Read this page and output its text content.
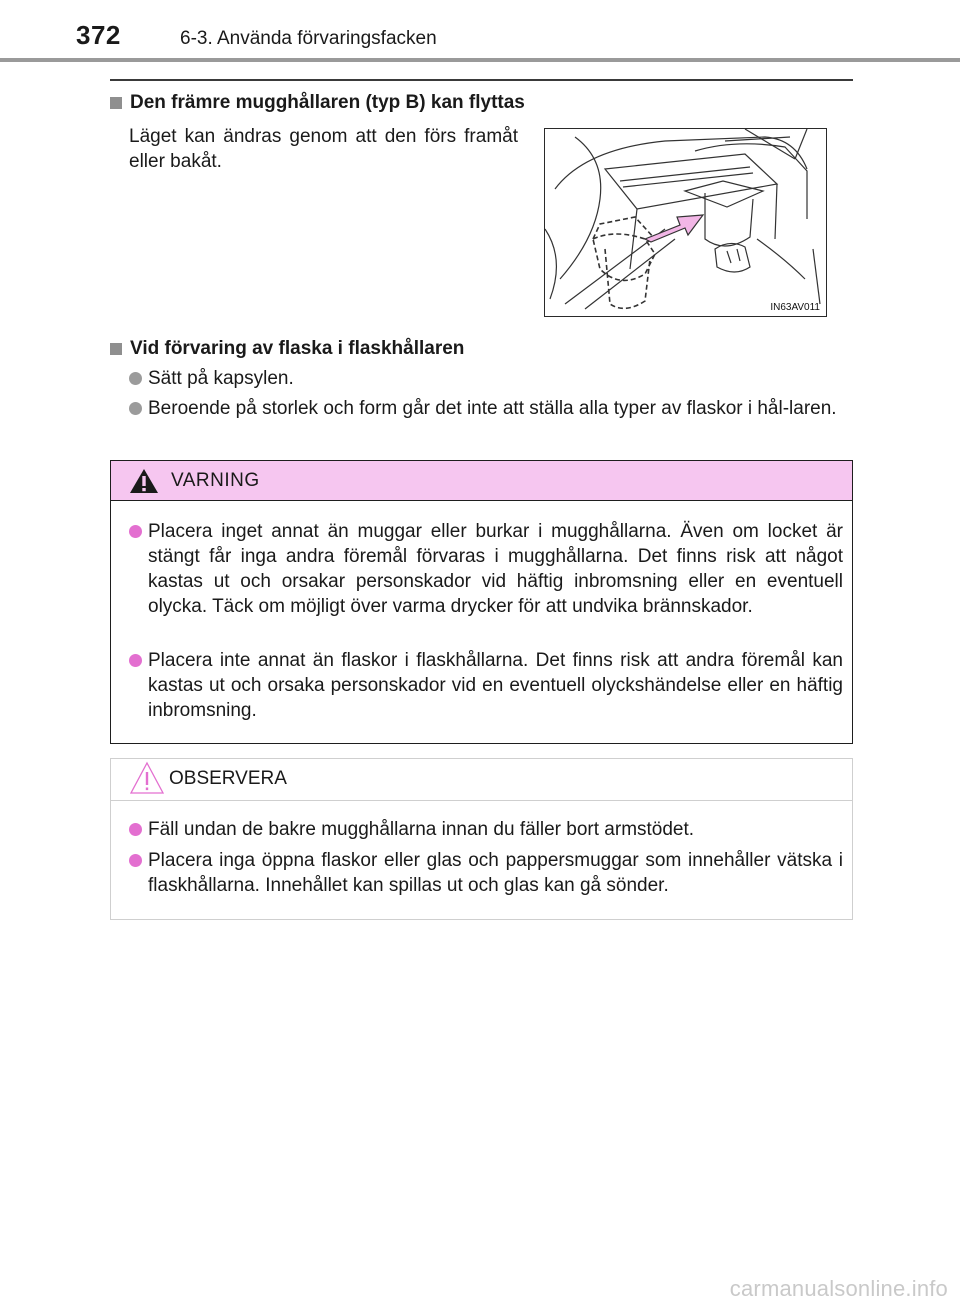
372	6-3. Använda förvaringsfacken
Den främre mugghållaren (typ B) kan flyttas
Läget kan ändras genom att den förs framåt eller bakåt.
IN63AV011
Vid förvaring av flaska i flaskhållaren
Sätt på kapsylen.
Beroende på storlek och form går det inte att ställa alla typer av flaskor i hål-laren.
VARNING
Placera inget annat än muggar eller burkar i mugghållarna. Även om locket är stängt får inga andra föremål förvaras i mugghållarna. Det finns risk att något kastas ut och orsakar personskador vid häftig inbromsning eller en eventuell olycka. Täck om möjligt över varma drycker för att undvika brännskador.
Placera inte annat än flaskor i flaskhållarna. Det finns risk att andra föremål kan kastas ut och orsaka personskador vid en eventuell olyckshändelse eller en häftig inbromsning.
OBSERVERA
Fäll undan de bakre mugghållarna innan du fäller bort armstödet.
Placera inga öppna flaskor eller glas och pappersmuggar som innehåller vätska i flaskhållarna. Innehållet kan spillas ut och glas kan gå sönder.
carmanualsonline.info
